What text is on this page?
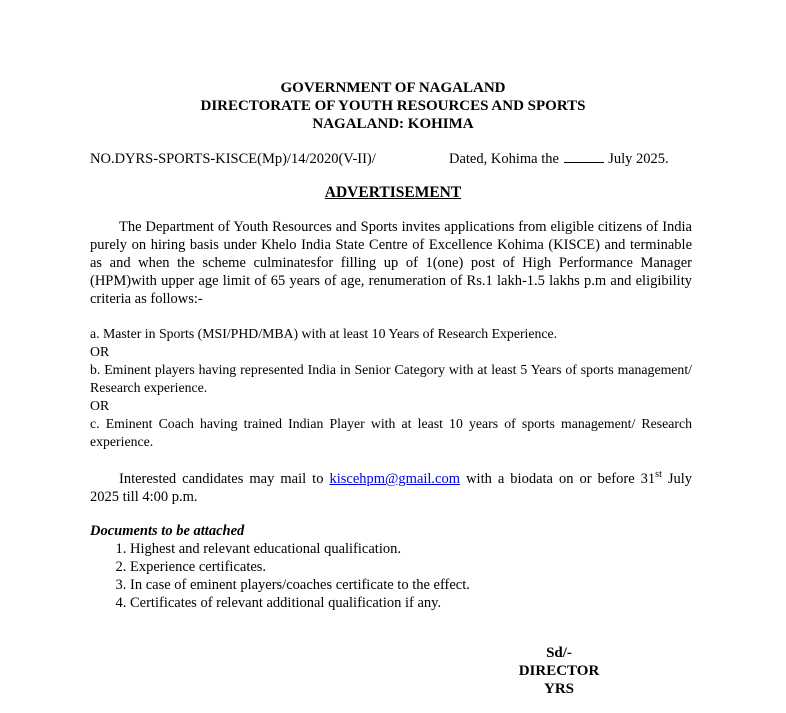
GOVERNMENT OF NAGALAND
DIRECTORATE OF YOUTH RESOURCES AND SPORTS
NAGALAND: KOHIMA
NO.DYRS-SPORTS-KISCE(Mp)/14/2020(V-II)/	Dated, Kohima the	July 2025.
ADVERTISEMENT
The Department of Youth Resources and Sports invites applications from eligible citizens of India purely on hiring basis under Khelo India State Centre of Excellence Kohima (KISCE) and terminable as and when the scheme culminatesfor filling up of 1(one) post of High Performance Manager (HPM)with upper age limit of 65 years of age, renumeration of Rs.1 lakh-1.5 lakhs p.m and eligibility criteria as follows:-

a. Master in Sports (MSI/PHD/MBA) with at least 10 Years of Research Experience.

OR

b. Eminent players having represented India in Senior Category with at least 5 Years of sports management/ Research experience.

OR

c. Eminent Coach having trained Indian Player with at least 10 years of sports management/ Research experience.

Interested candidates may mail to kiscehpm@gmail.com with a biodata on or before 31st July 2025 till 4:00 p.m.
Documents to be attached
1. Highest and relevant educational qualification.
2. Experience certificates.
3. In case of eminent players/coaches certificate to the effect.
4. Certificates of relevant additional qualification if any.
Sd/-
DIRECTOR
YRS
